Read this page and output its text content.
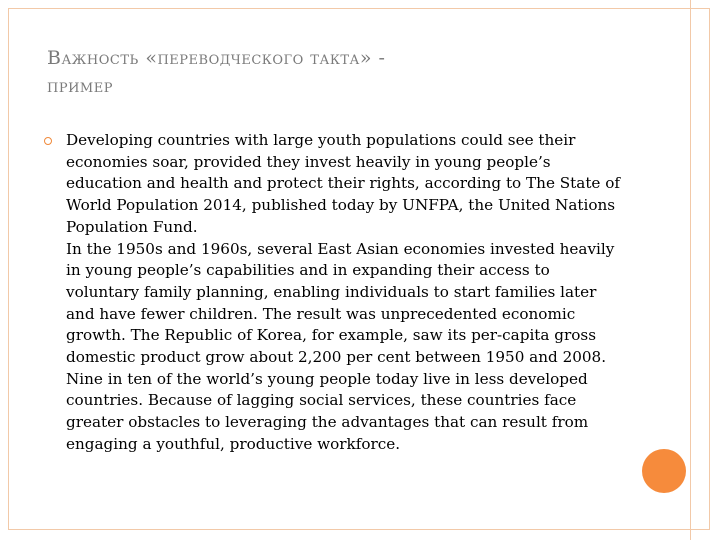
Важность «переводческого такта» -
пример

Developing countries with large youth populations could see their economies soar, provided they invest heavily in young people’s education and health and protect their rights, according to The State of World Population 2014, published today by UNFPA, the United Nations Population Fund.

In the 1950s and 1960s, several East Asian economies invested heavily in young people’s capabilities and in expanding their access to voluntary family planning, enabling individuals to start families later and have fewer children. The result was unprecedented economic growth. The Republic of Korea, for example, saw its per-capita gross domestic product grow about 2,200 per cent between 1950 and 2008. Nine in ten of the world’s young people today live in less developed countries. Because of lagging social services, these countries face greater obstacles to leveraging the advantages that can result from engaging a youthful, productive workforce.
